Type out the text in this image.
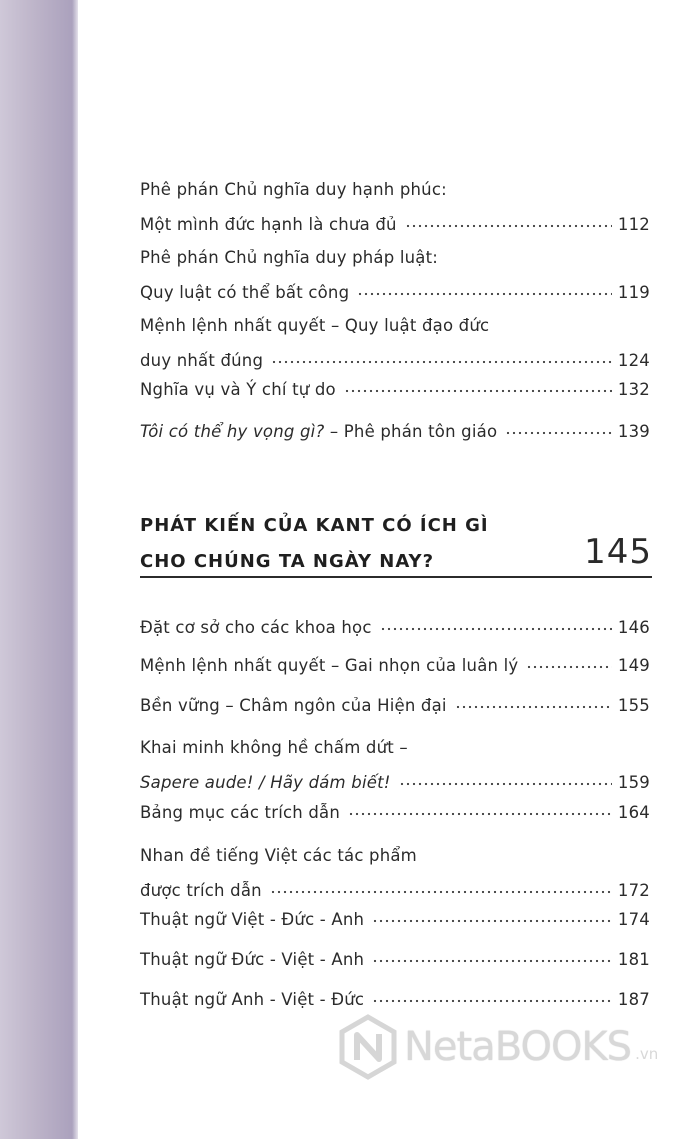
Phê phán Chủ nghĩa duy hạnh phúc:
Một mình đức hạnh là chưa đủ	112
Phê phán Chủ nghĩa duy pháp luật:
Quy luật có thể bất công	119
Mệnh lệnh nhất quyết – Quy luật đạo đức
duy nhất đúng	124
Nghĩa vụ và Ý chí tự do	132
Tôi có thể hy vọng gì? – Phê phán tôn giáo	139
PHÁT KIẾN CỦA KANT CÓ ÍCH GÌ
CHO CHÚNG TA NGÀY NAY?	145
Đặt cơ sở cho các khoa học	146
Mệnh lệnh nhất quyết – Gai nhọn của luân lý	149
Bền vững – Châm ngôn của Hiện đại	155
Khai minh không hề chấm dứt –
Sapere aude! / Hãy dám biết!	159
Bảng mục các trích dẫn	164
Nhan đề tiếng Việt các tác phẩm
được trích dẫn	172
Thuật ngữ Việt - Đức - Anh	174
Thuật ngữ Đức - Việt - Anh	181
Thuật ngữ Anh - Việt - Đức	187
NetaBOOKS .vn
